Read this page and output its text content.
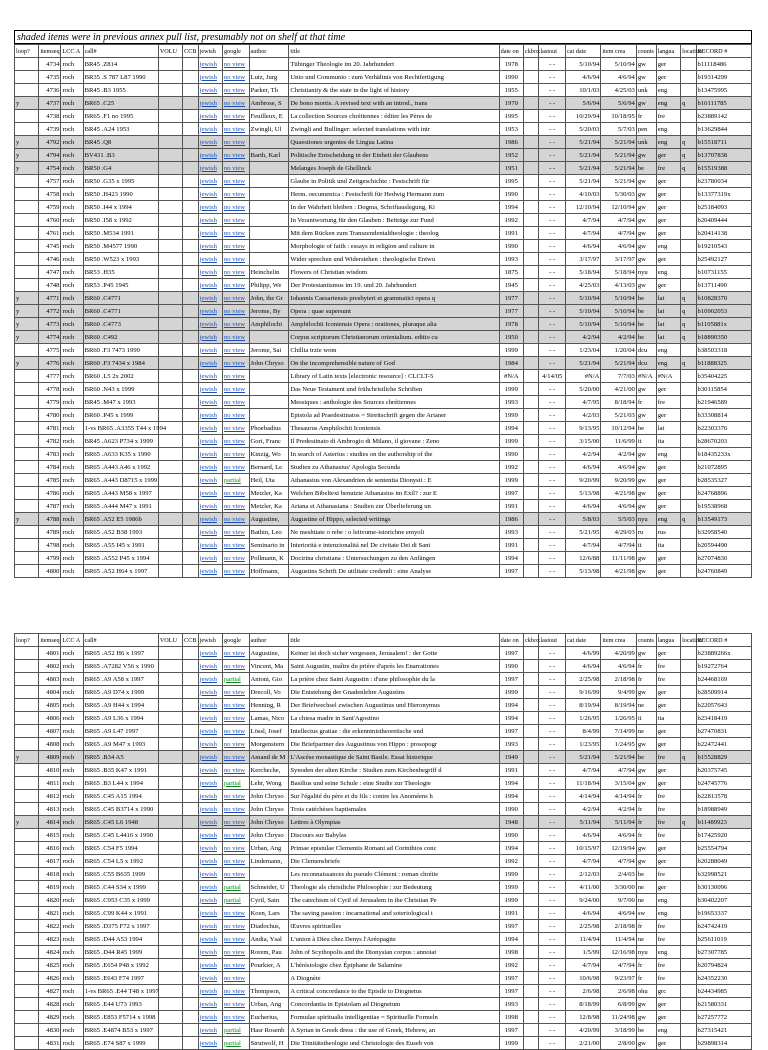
shaded items were in previous annex pull list, presumably not on shelf at that time
loop?	itemseq	LCC A	call#	VOLU	CCB	jewish	google	author	title	date on	ckbox	lastout	cat date	item crea	counts	langua	location	RECORD #
	4734	roch	BR45 .Z814			jewish	no view		Tübinger Theologie im 20. Jahrhundert	1978		- -	5/10/94	5/10/94	gw	ger		b11118486
	4735	roch	BR35 .S 787 L87 1990			jewish	no view	Lutz, Jurg	Unio und Communio : zum Verhältnis von Rechtfertigung	1990		- -	4/6/94	4/6/94	gw	ger		b19314299
	4736	roch	BR45 .B3 1955			jewish	no view	Parker, Th	Christianity & the state in the light of history	1955		- -	10/1/03	4/25/03	unk	eng		b13475995
y	4737	roch	BR65 .C25			jewish	no view	Ambrose, S	De bono mortis. A revised text with an introd., trans	1970		- -	5/6/94	5/6/94	gw	eng	q	b10111785
	4738	roch	BR65 .F1 no 1995			jewish	no view	Feuilleux, E	La collection Sources chrétiennes : éditer les Pères de	1995		- -	10/29/94	10/18/95	fr	fre		b23889142
	4739	roch	BR45 .A24 1953			jewish	no view	Zwingli, Ul	Zwingli and Bullinger: selected translations with intr	1953		- -	5/20/03	5/7/03	pen	eng		b13629844
y	4792	roch	BR45 .Q8			jewish	no view		Quaestiones urgentes de Lingua Latina	1986		- -	5/21/94	5/21/94	unk	eng	q	b15518711
y	4794	roch	BV431 .B3			jewish	no view	Barth, Karl	Politische Entscheidung in der Einheit der Glaubens	1952		- -	5/21/94	5/21/94	gw	ger	q	b13707838
y	4754	roch	BR50 .G4			jewish	no view		Melanges Joseph de Ghellinck	1951		- -	5/21/94	5/21/94	be	fre	q	b15519388
	4757	roch	BR50 .G35 x 1995			jewish	no view		Glaube in Politik und Zeitgeschichte : Festschrift für	1995		- -	5/21/94	5/21/94	gw	ger		b23780034
	4758	roch	BR50 .H423 1990			jewish	no view		Herm. oecumenica : Festschrift für Hedwig Hermann zum	1990		- -	4/10/03	5/30/03	gw	ger		b13377319x
	4759	roch	BR50 .I44 x 1994			jewish	no view		In der Wahrheit bleiben : Dogma, Schriftauslegung, Ki	1994		- -	12/10/94	12/10/94	gw	ger		b25184093
	4760	roch	BR50 .I58 x 1992			jewish	no view		In Verantwortung für den Glauben : Beiträge zur Fund	1992		- -	4/7/94	4/7/94	gw	ger		b20409444
	4761	roch	BR50 .M534 1991			jewish	no view		Mit dem Rücken zum Transzendentaltheologie : theolog	1991		- -	4/7/94	4/7/94	gw	ger		b20414138
	4745	roch	BR50 .M4577 1990			jewish	no view		Morphologie of faith : essays in religion and culture in	1990		- -	4/6/94	4/6/94	gw	eng		b19210543
	4746	roch	BR50 .W523 x 1993			jewish	no view		Wider sprechen und Widerstehen : theologische Entwu	1993		- -	3/17/97	3/17/97	gw	ger		b25492127
	4747	roch	BR53 .H35			jewish	no view	Heinchelin	Flowers of Christian wisdom	1875		- -	5/18/94	5/18/94	nyu	eng		b10731155
	4748	roch	BR53 .P45 1945			jewish	no view	Philipp, We	Der Protestantismus im 19. und 20. Jahrhundert	1945		- -	4/25/03	4/13/03	gw	ger		b13711490
y	4771	roch	BR60 .C4771			jewish	no view	John, the Gr	Iohannis Caesariensis presbyteri et grammatici opera q	1977		- -	5/10/94	5/10/94	be	lat	q	b10828370
y	4772	roch	BR60 .C4771			jewish	no view	Jerome, By	Opera : quae supersunt	1977		- -	5/10/94	5/10/94	be	lat	q	b10902053
y	4773	roch	BR60 .C4773			jewish	no view	Amphilochi	Amphilochii Iconiensis Opera : orationes, pluraque alia	1978		- -	5/10/94	5/10/94	be	lat	q	b1105881x
y	4774	roch	BR60 .C492			jewish	no view		Corpus scriptorum Christianorum orientalium. editio cu	1950		- -	4/2/94	4/2/94	be	lat	q	b18890350
	4775	roch	BR60 .F3 7473 1999			jewish	no view	Jerome, Sai	Chillia trzie wom	1999		- -	1/23/04	1/20/04	dcu	eng		b38503318
y	4776	roch	BR60 .F3 7434 x 1984			jewish	no view	John Chryso	On the incomprehensible nature of God	1984		- -	5/21/94	5/21/94	dcu	eng	q	b11888325
	4777	roch	BR60 .L5 2x 2002			jewish	no view		Library of Latin texts [electronic resource] : CLCLT-5	#N/A		4/14/05	#N/A	7/7/03	#N/A	#N/A		b35404225
	4778	roch	BR60 .N43 x 1999			jewish	no view		Das Neue Testament und frühchristliche Schriften	1999		- -	5/20/00	4/21/00	gw	ger		b30115854
	4779	roch	BR45 .M47 x 1993			jewish	no view		Messiques : anthologie des Sources chrétiennes	1993		- -	4/7/95	8/18/94	fr	fre		b21946589
	4780	roch	BR60 .P45 x 1999			jewish	no view		Epistola ad Praedestinatos = Streitschrift gegen die Arianer	1999		- -	4/2/03	5/21/03	gw	ger		b33308814
	4781	roch	1-vs BR65 .A3355 T44 x 1994			jewish	no view	Phoebadius	Thesaurus Amphilochii Iconiensis	1994		- -	9/13/95	10/12/94	be	lat		b22303376
	4782	roch	BR45 .A623 P734 x 1999			jewish	no view	Gori, Franc	Il Predestinato di Ambrogio di Milano, il giovane : Zeno	1999		- -	3/15/00	11/6/99	it	ita		b28670203
	4783	roch	BR65 .A633 K35 x 1990			jewish	no view	Kinzig, Wo	In search of Asterius : studies on the authorship of the	1990		- -	4/2/94	4/2/94	gw	eng		b18435233x
	4784	roch	BR65 .A443 A46 x 1992			jewish	no view	Bernard, Le	Studien zu Athanasius' Apologia Secunda	1992		- -	4/6/94	4/6/94	gw	ger		b21072895
	4785	roch	BR65 .A443 D8715 x 1999			jewish	partial	Heil, Uta	Athanasius von Alexandrien de sententia Dionysii : E	1999		- -	9/20/99	9/20/99	gw	ger		b28535327
	4786	roch	BR65 .A443 M58 x 1997			jewish	no view	Metzler, Ka	Welchen Bibeltext benutzte Athanasius im Exil? : zur E	1997		- -	5/13/98	4/21/98	gw	ger		b24768896
	4787	roch	BR65 .A444 M47 x 1991			jewish	no view	Metzler, Ka	Ariana et Athanasiana : Studien zur Überlieferung un	1991		- -	4/6/94	4/6/94	gw	ger		b19538968
y	4788	roch	BR65 .A52 E5 1986b			jewish	no view	Augustine,	Augustine of Hippo, selected writings	1986		- -	5/8/03	5/5/03	nyu	eng	q	b13549173
	4789	roch	BR65 .A52 B38 1993			jewish	no view	Bathin, Leo	Ne meshtiate o rebe : o leitvume-istorichne emyoli	1993		- -	5/21/95	4/29/03	ru	rus		b32958540
	4798	roch	BR65 .A55 I45 x 1991			jewish	no view	Seminario in	Interiorità e intenzionalità nel De civitate Dei di Sant	1991		- -	4/7/94	4/7/94	it	ita		b20594490
	4799	roch	BR65 .A552 P45 x 1994			jewish	no view	Pollmann, K	Doctrina christiana : Untersuchungen zu den Anfängen	1994		- -	12/6/88	11/11/98	gw	ger		b27074830
	4800	roch	BR65 .A52 H64 x 1997			jewish	no view	Hoffmann,	Augustins Schrift De utilitate credendi : eine Analyse	1997		- -	5/13/98	4/21/98	gw	ger		b24760849
loop?	itemseq	LCC A	call#	VOLU	CCB	jewish	google	author	title	date on	ckbox	lastout	cat date	item crea	counts	langua	location	RECORD #
	4801	roch	BR65 .A52 H6 x 1997			jewish	no view	Augustine,	Keiner ist doch sicher vergessen, Jerusalem! : der Gotte	1997		- -	4/6/99	4/20/99	gw	ger		b23889266x
	4802	roch	BR65 .A7282 V56 x 1990			jewish	no view	Vincent, Ma	Saint Augustin, maître du prière d'après les Enarrationes	1990		- -	4/6/94	4/6/94	fr	fre		b19272764
	4803	roch	BR65 .A9 A58 x 1997			jewish	partial	Antoni, Gio	La prière chez Saint Augustin : d'une philosophie du la	1997		- -	2/25/98	2/18/98	fr	fre		b24468169
	4804	roch	BR65 .A9 D74 x 1999			jewish	no view	Drecoll, Vo	Die Entstehung der Gnadenlehre Augustins	1999		- -	9/16/99	9/4/99	gw	ger		b28509914
	4805	roch	BR65 .A9 H44 x 1994			jewish	no view	Henning, R	Der Briefwechsel zwischen Augustinus und Hieronymus	1994		- -	8/19/94	8/19/94	ne	ger		b22057643
	4806	roch	BR65 .A9 L36 x 1994			jewish	no view	Lamas, Nico	La chiesa madre in Sant'Agostino	1994		- -	1/26/95	1/26/95	it	ita		b23418419
	4807	roch	BR65 .A9 L47 1997			jewish	no view	Lössl, Josef	Intellectus gratiae : die erkenntnistheoretische und	1997		- -	8/4/99	7/14/99	ne	ger		b27470831
	4808	roch	BR65 .A9 M47 x 1993			jewish	no view	Morgenstern	Die Briefpartner des Augustinus von Hippo : prosopogr	1993		- -	1/23/95	1/24/95	gw	ger		b22472441
y	4809	roch	BR65 .B34 A5			jewish	no view	Amand de M	L'Ascèse monastique de Saint Basile. Essai historique	1949		- -	5/21/94	5/21/94	be	fre	q	b15528829
	4810	roch	BR65 .B35 K47 x 1991			jewish	no view	Kercheche,	Synoden der alten Kirche : Studien zum Kirchenbegriff d	1991		- -	4/7/94	4/7/94	gw	ger		b20375745
	4811	roch	BR65 .B3 L44 x 1994			jewish	partial	Lehr, Wong	Basilius und seine Schule : eine Studie zur Theologie	1994		- -	11/18/94	3/15/04	gw	ger		b24745776
	4812	roch	BR65 .C45 A15 1994			jewish	no view	John Chryso	Sur l'égalité du père et du fils : contre les Anoméens h	1994		- -	4/14/94	4/14/94	fr	fre		b22813578
	4813	roch	BR65 .C45 B3714 x 1990			jewish	no view	John Chryso	Trois catéchèses baptismales	1990		- -	4/2/94	4/2/94	fr	fre		b18988949
y	4814	roch	BR65 .C45 L6 1948			jewish	no view	John Chryso	Lettres à Olympias	1948		- -	5/11/94	5/11/94	fr	fre	q	b11489923
	4815	roch	BR65 .C45 L4416 x 1990			jewish	no view	John Chryso	Discours sur Babylas	1990		- -	4/6/94	4/6/94	fr	fre		b17425920
	4816	roch	BR65 .C54 F5 1994			jewish	no view	Urban, Ang	Primae epistulae Clementis Romani ad Corinthios conc	1994		- -	10/15/97	12/19/94	gw	ger		b25554794
	4817	roch	BR65 .C54 L5 x 1992			jewish	no view	Lindemann,	Die Clemensbriefe	1992		- -	4/7/94	4/7/94	gw	ger		b20288049
	4818	roch	BR65 .C55 B635 1999			jewish	no view		Les reconnaissances du pseudo Clément : roman chrétie	1999		- -	2/12/03	2/4/03	be	fre		b32998521
	4819	roch	BR65 .C44 S34 x 1999			jewish	partial	Schneider, U	Theologie als christliche Philosophie : zur Bedeutung	1999		- -	4/11/00	3/30/00	ne	ger		b30130096
	4820	roch	BR65 .C953 C35 x 1999			jewish	partial	Cyril, Sain	The catechism of Cyril of Jerusalem in the Christian Pe	1999		- -	9/24/00	9/7/00	ne	eng		b30402207
	4821	roch	BR65 .C99 K44 x 1991			jewish	no view	Koen, Lars	The saving passion : incarnational and soteriological t	1991		- -	4/6/94	4/6/94	sw	eng		b19653337
	4822	roch	BR65 .D375 F72 x 1997			jewish	no view	Diadochus,	Œuvres spirituelles	1997		- -	2/25/98	2/18/98	fr	fre		b24742419
	4823	roch	BR65 .D44 A53 1994			jewish	no view	Andia, Ysal	L'union à Dieu chez Denys l'Aréopagite	1994		- -	11/4/94	11/4/94	ne	fre		b25611019
	4824	roch	BR65 .D44 R45 1999			jewish	no view	Rorem, Pau	John of Scythopolis and the Dionysian corpus : annotat	1998		- -	1/5/99	12/16/98	nyu	eng		b27307785
	4825	roch	BR65 .E654 P48 x 1992			jewish	no view	Pourkier, A	L'hérésiologie chez Épiphane de Salamine	1992		- -	4/7/94	4/7/94	fr	fre		b20794824
	4826	roch	BR65 .E643 F74 1997			jewish	no view		A Diognète	1997		- -	10/6/98	9/23/97	fr	fre		b24352230
	4827	roch	1-vs BR65 .E44 T48 x 1997			jewish	no view	Thompson,	A critical concordance to the Epistle to Diognetus	1997		- -	2/6/98	2/6/98	ohu	grc		b24434985
	4828	roch	BR65 .E44 U73 1993			jewish	no view	Urban, Ang	Concordantia in Epistolam ad Diognetum	1993		- -	8/18/99	6/8/99	gw	ger		b21580331
	4829	roch	BR65 .E853 F5714 x 1998			jewish	no view	Eucherius,	Formulae spiritualis intelligentiae = Spirituelle Formeln	1998		- -	12/8/98	11/24/98	gw	ger		b27257772
	4830	roch	BR65 .E4874 B53 x 1997			jewish	partial	Hasr Rosenb	A Syrian in Greek dress : the use of Greek, Hebrew, an	1997		- -	4/20/99	3/18/99	be	eng		b27315421
	4831	roch	BR65 .E74 S87 x 1999			jewish	partial	Strutwolf, H	Die Trinitätstheologie und Christologie des Euseb von	1999		- -	2/21/00	2/8/00	gw	ger		b29898314
